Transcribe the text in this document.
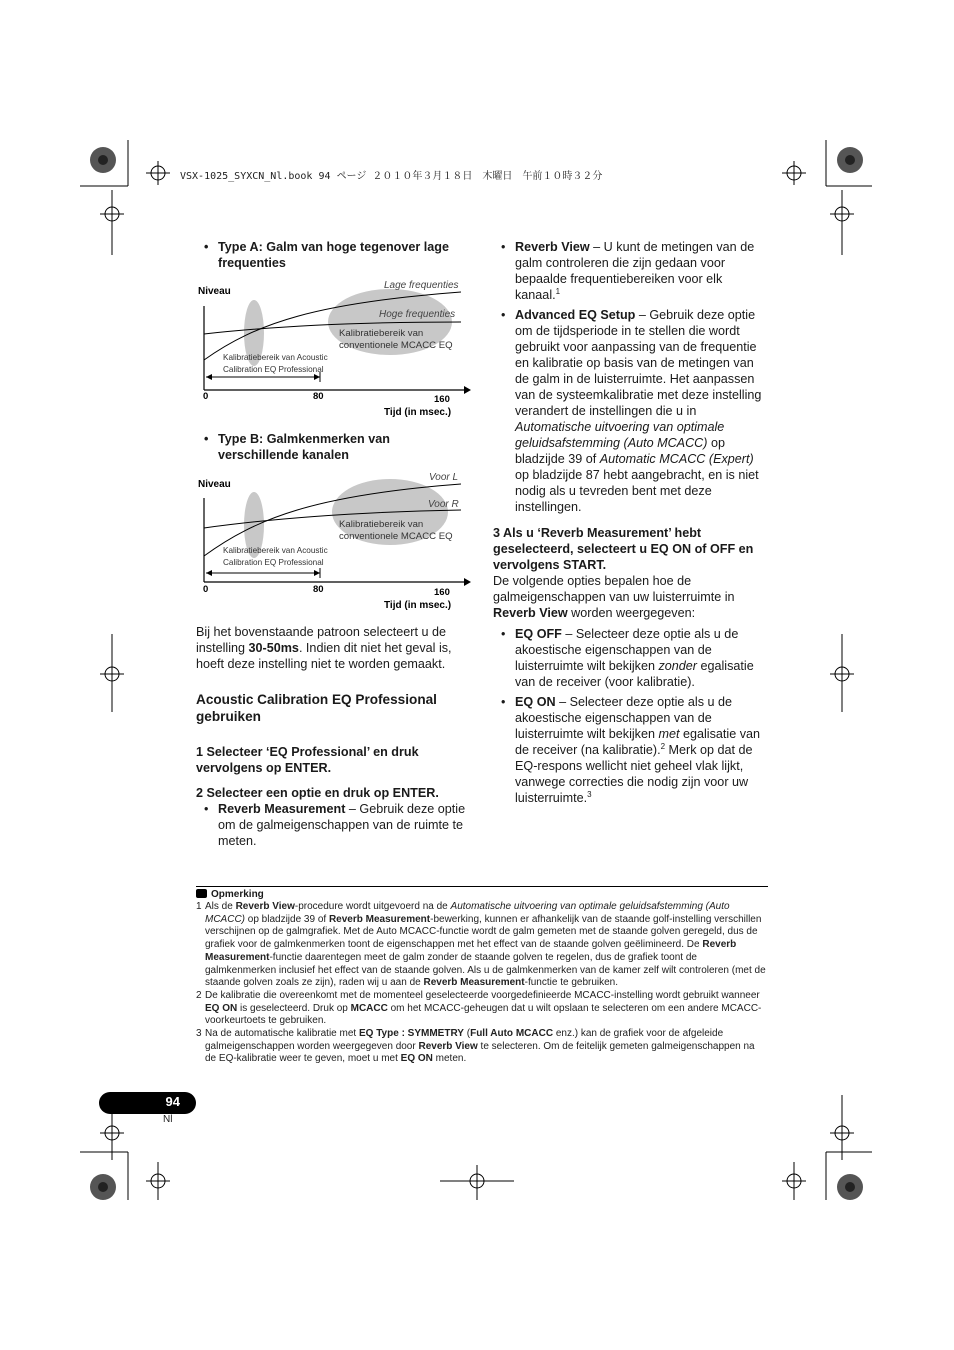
VSX-1025_SYXCN_Nl.book 94 ページ ２０１０年３月１８日　木曜日　午前１０時３２分

• Type A: Galm van hoge tegenover lage frequenties

Niveau
Lage frequenties
Hoge frequenties
Kalibratiebereik van
conventionele MCACC EQ
Kalibratiebereik van Acoustic
Calibration EQ Professional
0	80	160
Tijd (in msec.)

• Type B: Galmkenmerken van verschillende kanalen

Niveau
Voor L
Voor R
Kalibratiebereik van
conventionele MCACC EQ
Kalibratiebereik van Acoustic
Calibration EQ Professional
0	80	160
Tijd (in msec.)

Bij het bovenstaande patroon selecteert u de instelling 30-50ms. Indien dit niet het geval is, hoeft deze instelling niet te worden gemaakt.

Acoustic Calibration EQ Professional gebruiken

1 Selecteer ‘EQ Professional’ en druk vervolgens op ENTER.

2 Selecteer een optie en druk op ENTER.

• Reverb Measurement – Gebruik deze optie om de galmeigenschappen van de ruimte te meten.

• Reverb View – U kunt de metingen van de galm controleren die zijn gedaan voor bepaalde frequentiebereiken voor elk kanaal.$^1$

• Advanced EQ Setup – Gebruik deze optie om de tijdsperiode in te stellen die wordt gebruikt voor aanpassing van de frequentie en kalibratie op basis van de metingen van de galm in de luisterruimte. Het aanpassen van de systeemkalibratie met deze instelling verandert de instellingen die u in Automatische uitvoering van optimale geluidsafstemming (Auto MCACC) op bladzijde 39 of Automatic MCACC (Expert) op bladzijde 87 hebt aangebracht, en is niet nodig als u tevreden bent met deze instellingen.

3 Als u ‘Reverb Measurement’ hebt geselecteerd, selecteert u EQ ON of OFF en vervolgens START.

De volgende opties bepalen hoe de galmeigenschappen van uw luisterruimte in Reverb View worden weergegeven:

• EQ OFF – Selecteer deze optie als u de akoestische eigenschappen van de luisterruimte wilt bekijken zonder egalisatie van de receiver (voor kalibratie).

• EQ ON – Selecteer deze optie als u de akoestische eigenschappen van de luisterruimte wilt bekijken met egalisatie van de receiver (na kalibratie).$^2$ Merk op dat de EQ-respons wellicht niet geheel vlak lijkt, vanwege correcties die nodig zijn voor uw luisterruimte.$^3$

Opmerking

1 Als de Reverb View-procedure wordt uitgevoerd na de Automatische uitvoering van optimale geluidsafstemming (Auto MCACC) op bladzijde 39 of Reverb Measurement-bewerking, kunnen er afhankelijk van de staande golf-instelling verschillen verschijnen op de galmgrafiek. Met de Auto MCACC-functie wordt de galm gemeten met de staande golven geregeld, dus de grafiek voor de galmkenmerken toont de eigenschappen met het effect van de staande golven geëlimineerd. De Reverb Measurement-functie daarentegen meet de galm zonder de staande golven te regelen, dus de grafiek toont de galmkenmerken inclusief het effect van de staande golven. Als u de galmkenmerken van de kamer zelf wilt controleren (met de staande golven zoals ze zijn), raden wij u aan de Reverb Measurement-functie te gebruiken.

2 De kalibratie die overeenkomt met de momenteel geselecteerde voorgedefinieerde MCACC-instelling wordt gebruikt wanneer EQ ON is geselecteerd. Druk op MCACC om het MCACC-geheugen dat u wilt opslaan te selecteren om een andere MCACC-voorkeurtoets te gebruiken.

3 Na de automatische kalibratie met EQ Type : SYMMETRY (Full Auto MCACC enz.) kan de grafiek voor de afgeleide galmeigenschappen worden weergegeven door Reverb View te selecteren. Om de feitelijk gemeten galmeigenschappen na de EQ-kalibratie weer te geven, moet u met EQ ON meten.

94
Nl
